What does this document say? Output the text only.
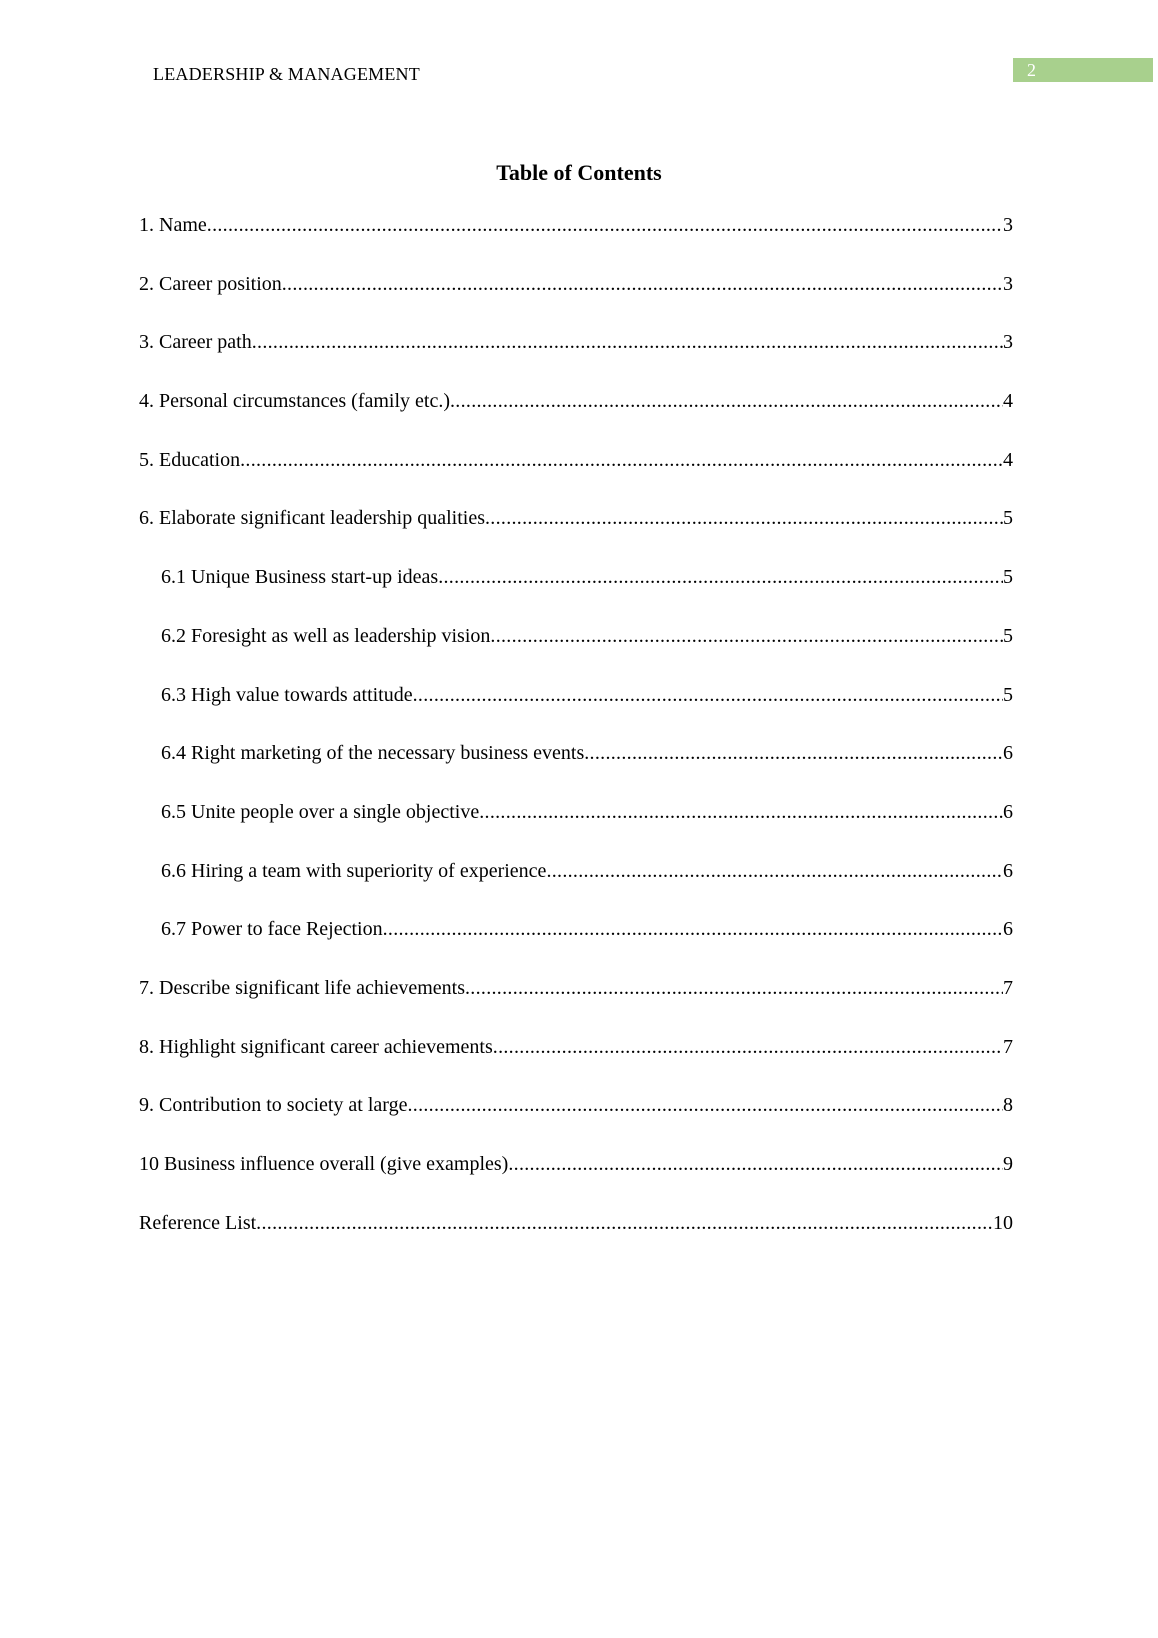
LEADERSHIP & MANAGEMENT	2
Table of Contents
1. Name .....	3
2. Career position .....	3
3. Career path .....	3
4. Personal circumstances (family etc.) .....	4
5. Education .....	4
6. Elaborate significant leadership qualities .....	5
6.1 Unique Business start-up ideas .....	5
6.2 Foresight as well as leadership vision .....	5
6.3 High value towards attitude .....	5
6.4 Right marketing of the necessary business events .....	6
6.5 Unite people over a single objective .....	6
6.6 Hiring a team with superiority of experience .....	6
6.7 Power to face Rejection .....	6
7. Describe significant life achievements .....	7
8. Highlight significant career achievements .....	7
9. Contribution to society at large .....	8
10 Business influence overall (give examples) .....	9
Reference List .....	10
